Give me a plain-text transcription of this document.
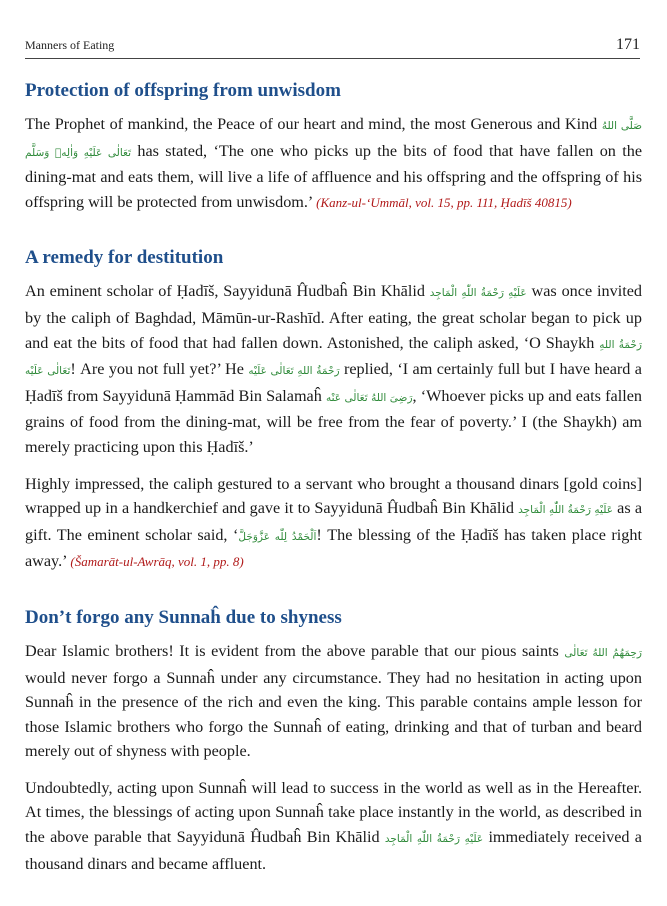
Manners of Eating	171
Protection of offspring from unwisdom

The Prophet of mankind, the Peace of our heart and mind, the most Generous and Kind صَلَّى اللهُ تَعَالٰی عَلَيْهِ وَاٰلِهٖ وَسَلَّم has stated, ‘The one who picks up the bits of food that have fallen on the dining-mat and eats them, will live a life of affluence and his offspring and the offspring of his offspring will be protected from unwisdom.’ (Kanz-ul-‘Ummāl, vol. 15, pp. 111, Ḥadīš 40815)

A remedy for destitution

An eminent scholar of Ḥadīš, Sayyidunā Ĥudbaĥ Bin Khālid عَلَيْهِ رَحْمَةُ اللّٰهِ الْمَاجِد was once invited by the caliph of Baghdad, Māmūn-ur-Rashīd. After eating, the great scholar began to pick up and eat the bits of food that had fallen down. Astonished, the caliph asked, ‘O Shaykh رَحْمَةُ اللهِ تَعَالٰی عَلَيْه! Are you not full yet?’ He رَحْمَةُ اللهِ تَعَالٰی عَلَيْه replied, ‘I am certainly full but I have heard a Ḥadīš from Sayyidunā Ḥammād Bin Salamaĥ رَضِیَ اللهُ تَعَالٰی عَنْه, ‘Whoever picks up and eats fallen grains of food from the dining-mat, will be free from the fear of poverty.’ I (the Shaykh) am merely practicing upon this Ḥadīš.’

Highly impressed, the caliph gestured to a servant who brought a thousand dinars [gold coins] wrapped up in a handkerchief and gave it to Sayyidunā Ĥudbaĥ Bin Khālid عَلَيْهِ رَحْمَةُ اللّٰهِ الْمَاجِد as a gift. The eminent scholar said, ‘اَلْحَمْدُ لِلّٰه عَزَّوَجَلَّ! The blessing of the Ḥadīš has taken place right away.’ (Šamarāt-ul-Awrāq, vol. 1, pp. 8)

Don’t forgo any Sunnaĥ due to shyness

Dear Islamic brothers! It is evident from the above parable that our pious saints رَحِمَهُمُ اللهُ تَعَالٰی would never forgo a Sunnaĥ under any circumstance. They had no hesitation in acting upon Sunnaĥ in the presence of the rich and even the king. This parable contains ample lesson for those Islamic brothers who forgo the Sunnaĥ of eating, drinking and that of turban and beard merely out of shyness with people.

Undoubtedly, acting upon Sunnaĥ will lead to success in the world as well as in the Hereafter. At times, the blessings of acting upon Sunnaĥ take place instantly in the world, as described in the above parable that Sayyidunā Ĥudbaĥ Bin Khālid عَلَيْهِ رَحْمَةُ اللّٰهِ الْمَاجِد immediately received a thousand dinars and became affluent.
